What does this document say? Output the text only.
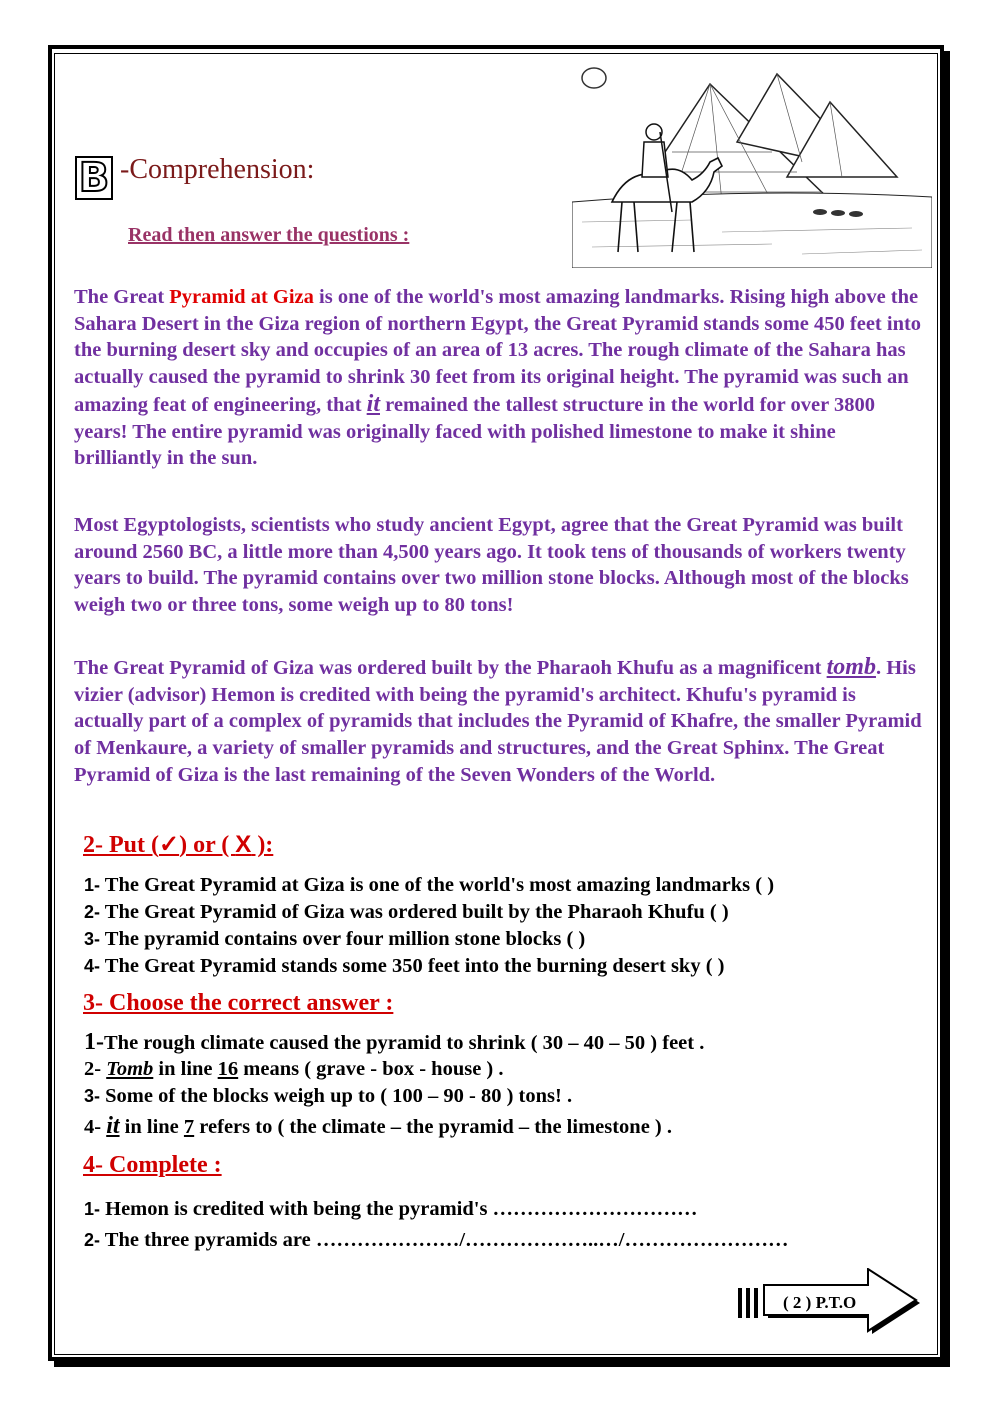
B -Comprehension:
Read then answer the questions :

The Great Pyramid at Giza is one of the world's most amazing landmarks. Rising high above the Sahara Desert in the Giza region of northern Egypt, the Great Pyramid stands some 450 feet into the burning desert sky and occupies of an area of 13 acres. The rough climate of the Sahara has actually caused the pyramid to shrink 30 feet from its original height. The pyramid was such an amazing feat of engineering, that it remained the tallest structure in the world for over 3800 years! The entire pyramid was originally faced with polished limestone to make it shine brilliantly in the sun.

Most Egyptologists, scientists who study ancient Egypt, agree that the Great Pyramid was built around 2560 BC, a little more than 4,500 years ago. It took tens of thousands of workers twenty years to build. The pyramid contains over two million stone blocks. Although most of the blocks weigh two or three tons, some weigh up to 80 tons!

The Great Pyramid of Giza was ordered built by the Pharaoh Khufu as a magnificent tomb. His vizier (advisor) Hemon is credited with being the pyramid's architect. Khufu's pyramid is actually part of a complex of pyramids that includes the Pyramid of Khafre, the smaller Pyramid of Menkaure, a variety of smaller pyramids and structures, and the Great Sphinx. The Great Pyramid of Giza is the last remaining of the Seven Wonders of the World.

2- Put (✓) or ( X ):
1- The Great Pyramid at Giza is one of the world's most amazing landmarks ( )
2- The Great Pyramid of Giza was ordered built by the Pharaoh Khufu ( )
3- The pyramid contains over four million stone blocks ( )
4- The Great Pyramid stands some 350 feet into the burning desert sky ( )
3- Choose the correct answer :
1-The rough climate caused the pyramid to shrink ( 30 – 40 – 50 ) feet .
2- Tomb in line 16 means ( grave - box - house ) .
3- Some of the blocks weigh up to ( 100 – 90 - 80 ) tons! .
4- it in line 7 refers to ( the climate – the pyramid – the limestone ) .
4- Complete :
1- Hemon is credited with being the pyramid's …………………………
2- The three pyramids are …………………/………………..…/……………………
( 2 ) P.T.O
